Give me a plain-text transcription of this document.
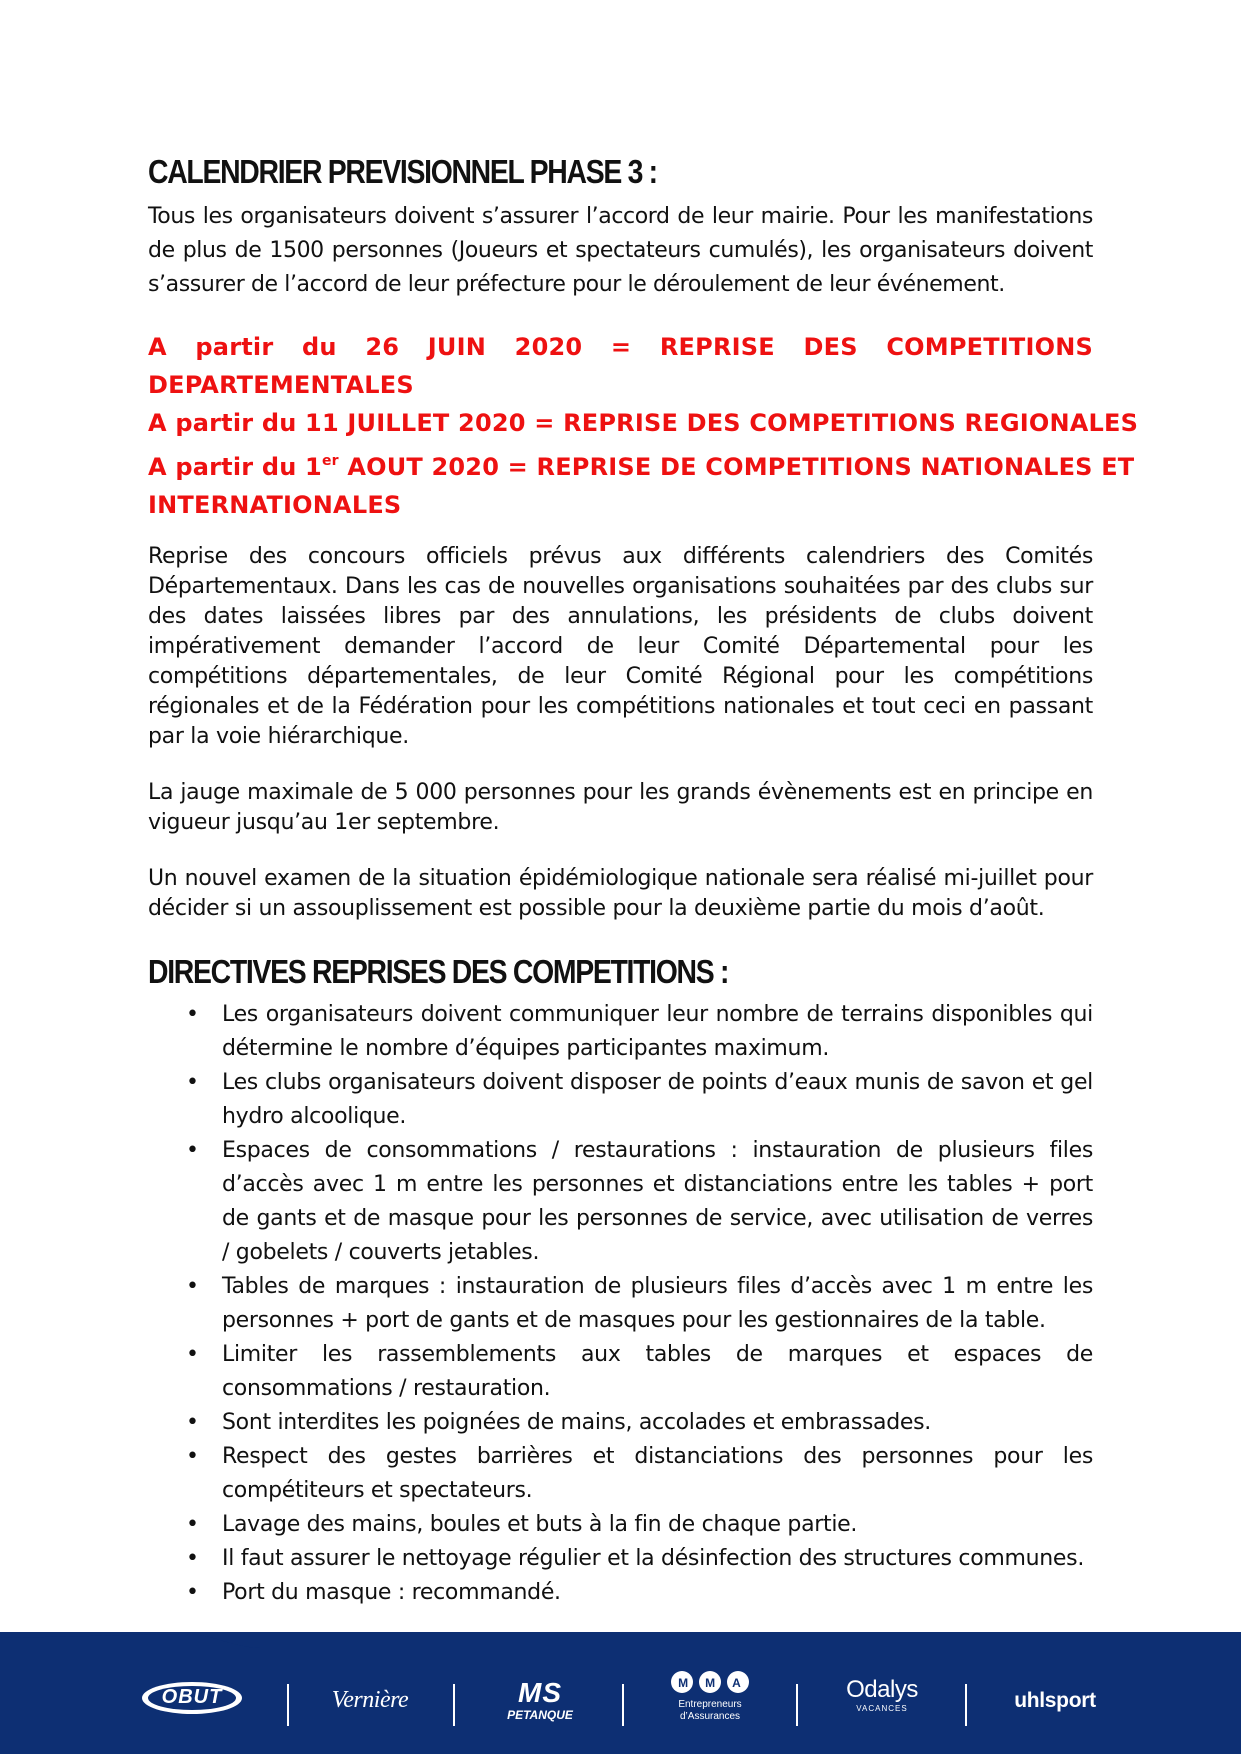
CALENDRIER PREVISIONNEL PHASE 3 :

Tous les organisateurs doivent s’assurer l’accord de leur mairie. Pour les manifestations de plus de 1500 personnes (Joueurs et spectateurs cumulés), les organisateurs doivent s’assurer de l’accord de leur préfecture pour le déroulement de leur événement.

A partir du 26 JUIN 2020 = REPRISE DES COMPETITIONS
DEPARTEMENTALES
A partir du 11 JUILLET 2020 = REPRISE DES COMPETITIONS REGIONALES
A partir du 1er AOUT 2020 = REPRISE DE COMPETITIONS NATIONALES ET
INTERNATIONALES

Reprise des concours officiels prévus aux différents calendriers des Comités Départementaux. Dans les cas de nouvelles organisations souhaitées par des clubs sur des dates laissées libres par des annulations, les présidents de clubs doivent impérativement demander l’accord de leur Comité Départemental pour les compétitions départementales, de leur Comité Régional pour les compétitions régionales et de la Fédération pour les compétitions nationales et tout ceci en passant par la voie hiérarchique.

La jauge maximale de 5 000 personnes pour les grands évènements est en principe en vigueur jusqu’au 1er septembre.

Un nouvel examen de la situation épidémiologique nationale sera réalisé mi-juillet pour décider si un assouplissement est possible pour la deuxième partie du mois d’août.

DIRECTIVES REPRISES DES COMPETITIONS :
• Les organisateurs doivent communiquer leur nombre de terrains disponibles qui détermine le nombre d’équipes participantes maximum.
• Les clubs organisateurs doivent disposer de points d’eaux munis de savon et gel hydro alcoolique.
• Espaces de consommations / restaurations : instauration de plusieurs files d’accès avec 1 m entre les personnes et distanciations entre les tables + port de gants et de masque pour les personnes de service, avec utilisation de verres / gobelets / couverts jetables.
• Tables de marques : instauration de plusieurs files d’accès avec 1 m entre les personnes + port de gants et de masques pour les gestionnaires de la table.
• Limiter les rassemblements aux tables de marques et espaces de consommations / restauration.
• Sont interdites les poignées de mains, accolades et embrassades.
• Respect des gestes barrières et distanciations des personnes pour les compétiteurs et spectateurs.
• Lavage des mains, boules et buts à la fin de chaque partie.
• Il faut assurer le nettoyage régulier et la désinfection des structures communes.
• Port du masque : recommandé.
OBUT	Vernière	MS
PETANQUE
MMA
Entrepreneurs
d’Assurances
Odalys
VACANCES	uhlsport
